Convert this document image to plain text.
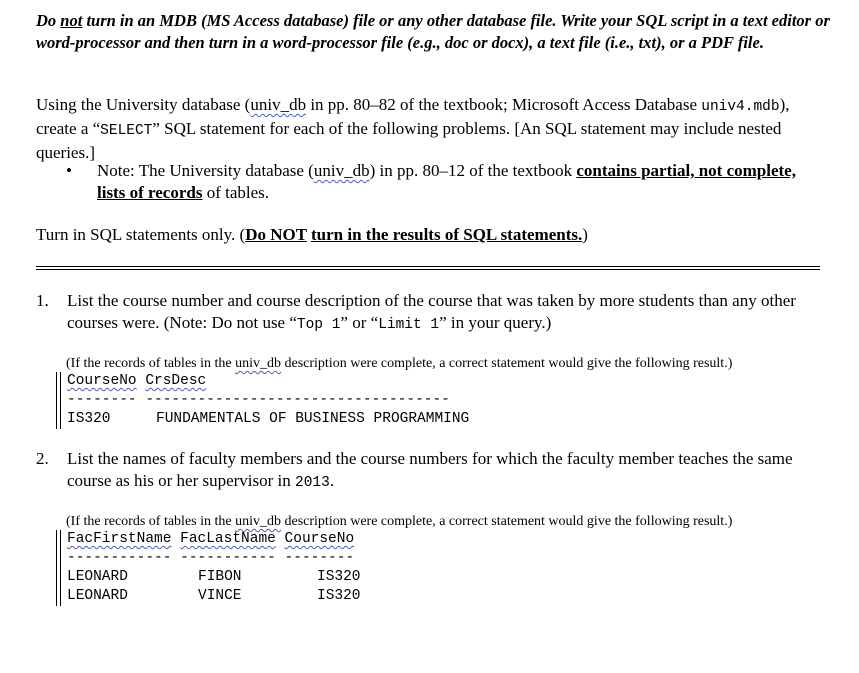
Do not turn in an MDB (MS Access database) file or any other database file. Write your SQL script in a text editor or word-processor and then turn in a word-processor file (e.g., doc or docx), a text file (i.e., txt), or a PDF file.
Using the University database (univ_db in pp. 80–82 of the textbook; Microsoft Access Database univ4.mdb), create a “SELECT” SQL statement for each of the following problems. [An SQL statement may include nested queries.]
• Note: The University database (univ_db) in pp. 80–12 of the textbook contains partial, not complete, lists of records of tables.
Turn in SQL statements only. (Do NOT turn in the results of SQL statements.)
1. List the course number and course description of the course that was taken by more students than any other courses were. (Note: Do not use “Top 1” or “Limit 1” in your query.)
(If the records of tables in the univ_db description were complete, a correct statement would give the following result.)
CourseNo CrsDesc
-------- -----------------------------------
IS320	FUNDAMENTALS OF BUSINESS PROGRAMMING
2. List the names of faculty members and the course numbers for which the faculty member teaches the same course as his or her supervisor in 2013.
(If the records of tables in the univ_db description were complete, a correct statement would give the following result.)
FacFirstName FacLastName CourseNo
------------ ----------- --------
LEONARD	FIBON	IS320
LEONARD	VINCE	IS320
